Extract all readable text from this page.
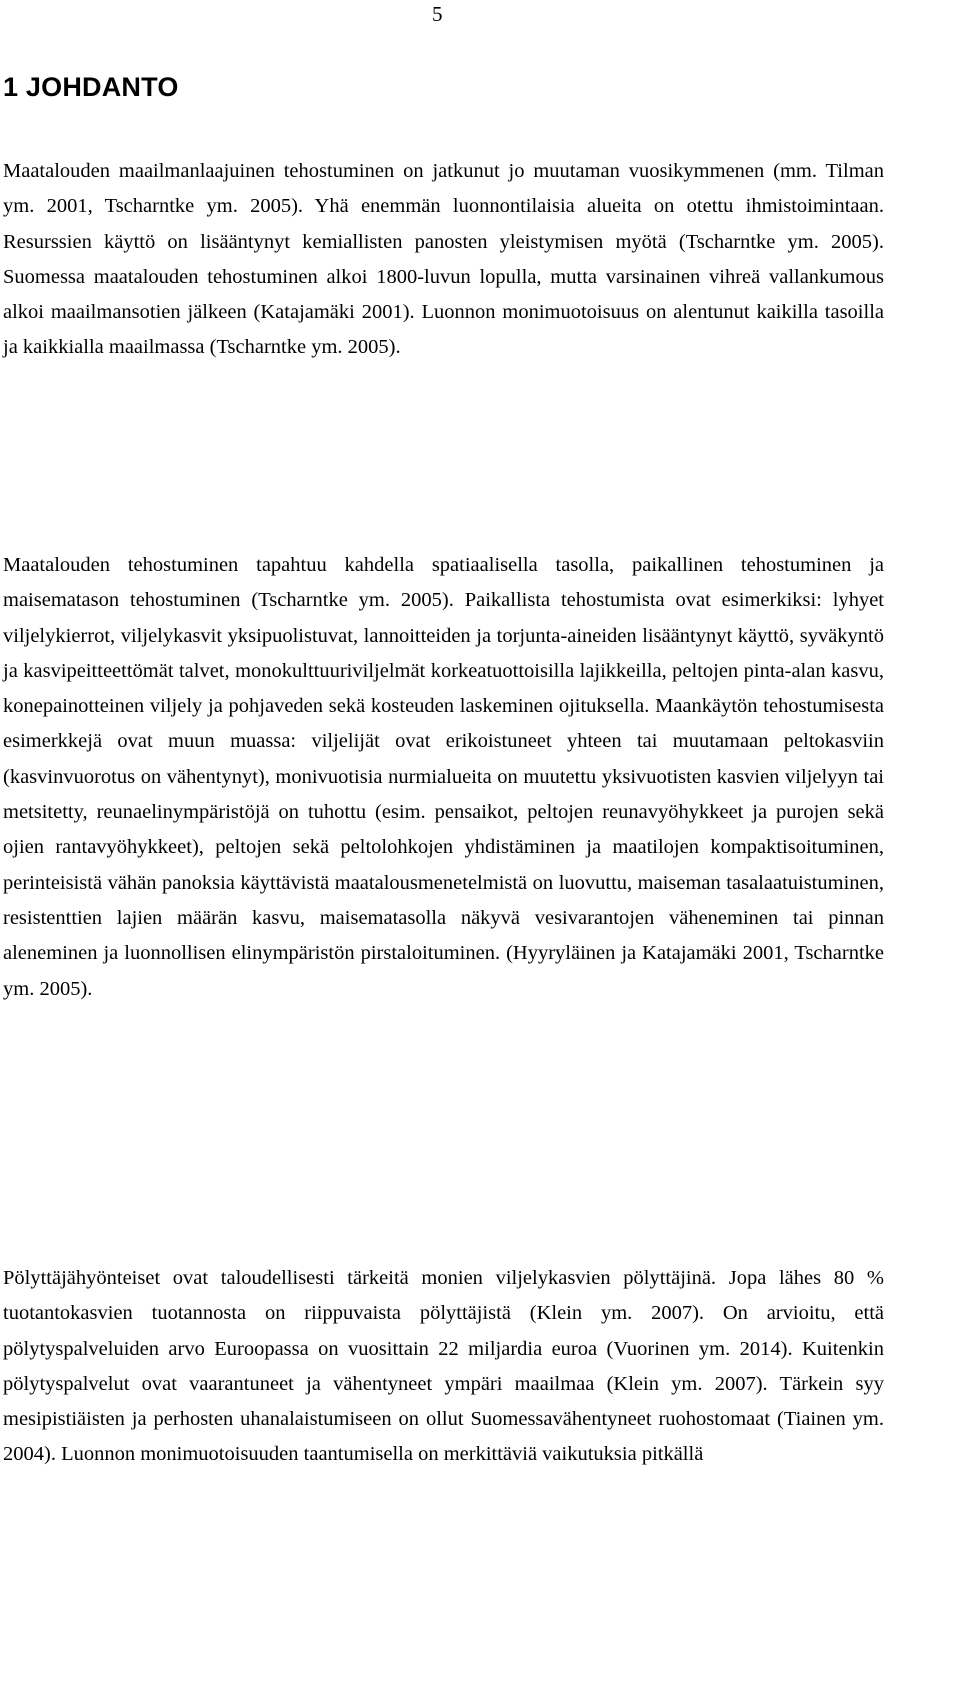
5
1 JOHDANTO

Maatalouden maailmanlaajuinen tehostuminen on jatkunut jo muutaman vuosikymmenen (mm. Tilman ym. 2001, Tscharntke ym. 2005). Yhä enemmän luonnontilaisia alueita on otettu ihmistoimintaan. Resurssien käyttö on lisääntynyt kemiallisten panosten yleistymisen myötä (Tscharntke ym. 2005). Suomessa maatalouden tehostuminen alkoi 1800-luvun lopulla, mutta varsinainen vihreä vallankumous alkoi maailmansotien jälkeen (Katajamäki 2001). Luonnon monimuotoisuus on alentunut kaikilla tasoilla ja kaikkialla maailmassa (Tscharntke ym. 2005).

Maatalouden tehostuminen tapahtuu kahdella spatiaalisella tasolla, paikallinen tehostuminen ja maisematason tehostuminen (Tscharntke ym. 2005). Paikallista tehostumista ovat esimerkiksi: lyhyet viljelykierrot, viljelykasvit yksipuolistuvat, lannoitteiden ja torjunta-aineiden lisääntynyt käyttö, syväkyntö ja kasvipeitteettömät talvet, monokulttuuriviljelmät korkeatuottoisilla lajikkeilla, peltojen pinta-alan kasvu, konepainotteinen viljely ja pohjaveden sekä kosteuden laskeminen ojituksella. Maankäytön tehostumisesta esimerkkejä ovat muun muassa: viljelijät ovat erikoistuneet yhteen tai muutamaan peltokasviin (kasvinvuorotus on vähentynyt), monivuotisia nurmialueita on muutettu yksivuotisten kasvien viljelyyn tai metsitetty, reunaelinympäristöjä on tuhottu (esim. pensaikot, peltojen reunavyöhykkeet ja purojen sekä ojien rantavyöhykkeet), peltojen sekä peltolohkojen yhdistäminen ja maatilojen kompaktisoituminen, perinteisistä vähän panoksia käyttävistä maatalousmenetelmistä on luovuttu, maiseman tasalaatuistuminen, resistenttien lajien määrän kasvu, maisematasolla näkyvä vesivarantojen väheneminen tai pinnan aleneminen ja luonnollisen elinympäristön pirstaloituminen. (Hyyryläinen ja Katajamäki 2001, Tscharntke ym. 2005).

Pölyttäjähyönteiset ovat taloudellisesti tärkeitä monien viljelykasvien pölyttäjinä. Jopa lähes 80 % tuotantokasvien tuotannosta on riippuvaista pölyttäjistä (Klein ym. 2007). On arvioitu, että pölytyspalveluiden arvo Euroopassa on vuosittain 22 miljardia euroa (Vuorinen ym. 2014). Kuitenkin pölytyspalvelut ovat vaarantuneet ja vähentyneet ympäri maailmaa (Klein ym. 2007). Tärkein syy mesipistiäisten ja perhosten uhanalaistumiseen on ollut Suomessavähentyneet ruohostomaat (Tiainen ym. 2004). Luonnon monimuotoisuuden taantumisella on merkittäviä vaikutuksia pitkällä
